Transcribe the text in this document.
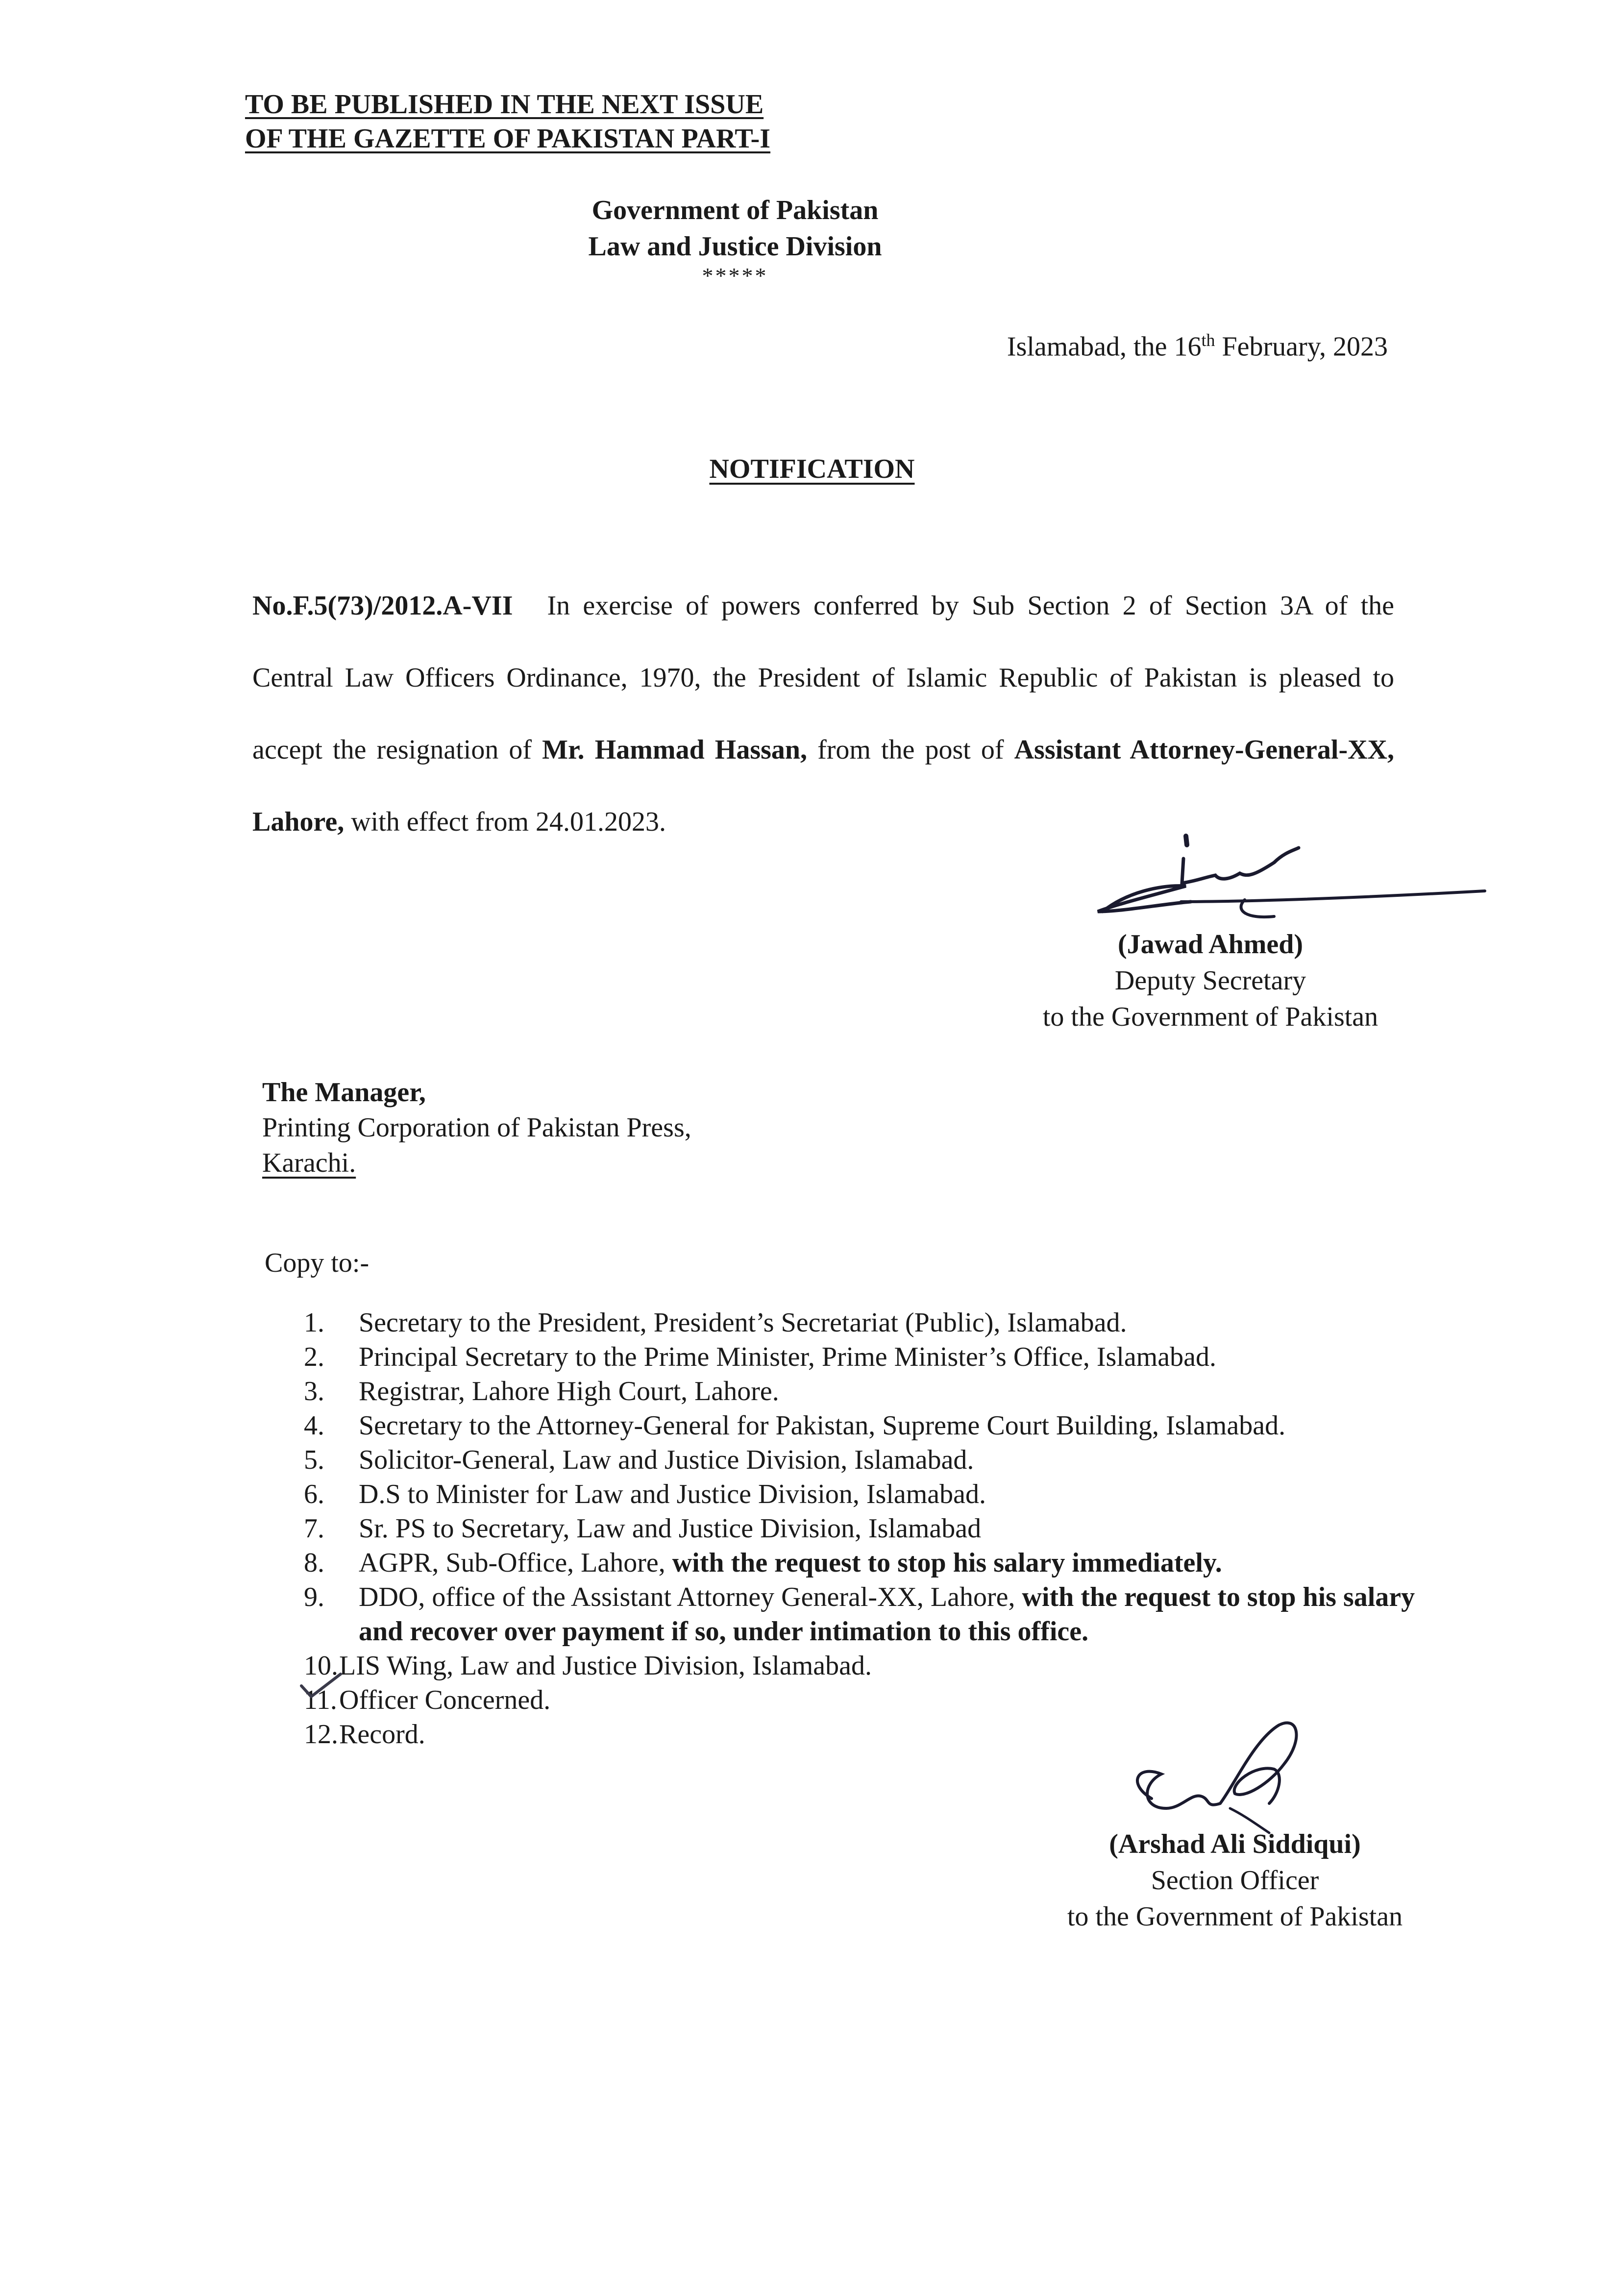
TO BE PUBLISHED IN THE NEXT ISSUE
OF THE GAZETTE OF PAKISTAN PART-I
Government of Pakistan
Law and Justice Division
*****
Islamabad, the 16th February, 2023
NOTIFICATION
No.F.5(73)/2012.A-VII In exercise of powers conferred by Sub Section 2 of Section 3A of the Central Law Officers Ordinance, 1970, the President of Islamic Republic of Pakistan is pleased to accept the resignation of Mr. Hammad Hassan, from the post of Assistant Attorney-General-XX, Lahore, with effect from 24.01.2023.
(Jawad Ahmed)
Deputy Secretary
to the Government of Pakistan
The Manager,
Printing Corporation of Pakistan Press,
Karachi.
Copy to:-
1.	Secretary to the President, President’s Secretariat (Public), Islamabad.
2.	Principal Secretary to the Prime Minister, Prime Minister’s Office, Islamabad.
3.	Registrar, Lahore High Court, Lahore.
4.	Secretary to the Attorney-General for Pakistan, Supreme Court Building, Islamabad.
5.	Solicitor-General, Law and Justice Division, Islamabad.
6.	D.S to Minister for Law and Justice Division, Islamabad.
7.	Sr. PS to Secretary, Law and Justice Division, Islamabad
8.	AGPR, Sub-Office, Lahore, with the request to stop his salary immediately.
9.	DDO, office of the Assistant Attorney General-XX, Lahore, with the request to stop his salary and recover over payment if so, under intimation to this office.
10. LIS Wing, Law and Justice Division, Islamabad.
11. Officer Concerned.
12. Record.
(Arshad Ali Siddiqui)
Section Officer
to the Government of Pakistan
